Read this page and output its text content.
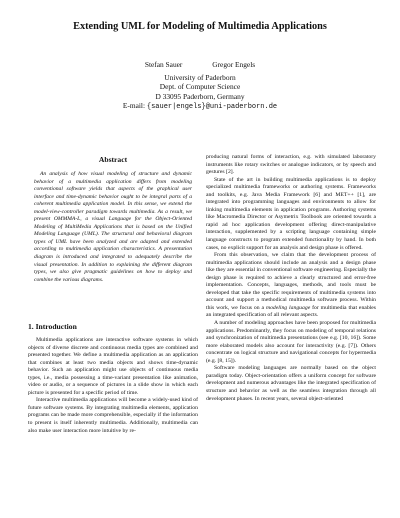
Extending UML for Modeling of Multimedia Applications
Stefan Sauer	Gregor Engels
University of Paderborn
Dept. of Computer Science
D 33095 Paderborn, Germany
E-mail: {sauer|engels}@uni-paderborn.de
Abstract
An analysis of how visual modeling of structure and dynamic behavior of a multimedia application differs from modeling conventional software yields that aspects of the graphical user interface and time-dynamic behavior ought to be integral parts of a coherent multimedia application model. In this sense, we extend the model-view-controller paradigm towards multimedia. As a result, we present OMMMA-L, a visual Language for the Object-Oriented Modeling of MultiMedia Applications that is based on the Unified Modeling Language (UML). The structural and behavioral diagram types of UML have been analyzed and are adapted and extended according to multimedia application characteristics. A presentation diagram is introduced and integrated to adequately describe the visual presentation. In addition to explaining the different diagram types, we also give pragmatic guidelines on how to deploy and combine the various diagrams.
1. Introduction

Multimedia applications are interactive software systems in which objects of diverse discrete and continuous media types are combined and presented together. We define a multimedia application as an application that combines at least two media objects and shows time-dynamic behavior. Such an application might use objects of continuous media types, i.e., media possessing a time-variant presentation like animation, video or audio, or a sequence of pictures in a slide show in which each picture is presented for a specific period of time.

Interactive multimedia applications will become a widely-used kind of future software systems. By integrating multimedia elements, application programs can be made more comprehensible, especially if the information to present is itself inherently multimedia. Additionally, multimedia can also make user interaction more intuitive by re-

producing natural forms of interaction, e.g. with simulated laboratory instruments like rotary switches or analogue indicators, or by speech and gestures [2].

State of the art in building multimedia applications is to deploy specialized multimedia frameworks or authoring systems. Frameworks and toolkits, e.g. Java Media Framework [6] and MET++ [1], are integrated into programming languages and environments to allow for linking multimedia elements in application programs. Authoring systems like Macromedia Director or Asymetrix Toolbook are oriented towards a rapid ad hoc application development offering direct-manipulative interaction, supplemented by a scripting language containing simple language constructs to program extended functionality by hand. In both cases, no explicit support for an analysis and design phase is offered.

From this observation, we claim that the development process of multimedia applications should include an analysis and a design phase like they are essential in conventional software engineering. Especially the design phase is required to achieve a clearly structured and error-free implementation. Concepts, languages, methods, and tools must be developed that take the specific requirements of multimedia systems into account and support a methodical multimedia software process. Within this work, we focus on a modeling language for multimedia that enables an integrated specification of all relevant aspects.

A number of modeling approaches have been proposed for multimedia applications. Predominantly, they focus on modeling of temporal relations and synchronization of multimedia presentations (see e.g. [10, 16]). Some more elaborated models also account for interactivity (e.g. [7]). Others concentrate on logical structure and navigational concepts for hypermedia (e.g. [8, 15]).

Software modeling languages are normally based on the object paradigm today. Object-orientation offers a uniform concept for software development and numerous advantages like the integrated specification of structure and behavior as well as the seamless integration through all development phases. In recent years, several object-oriented
